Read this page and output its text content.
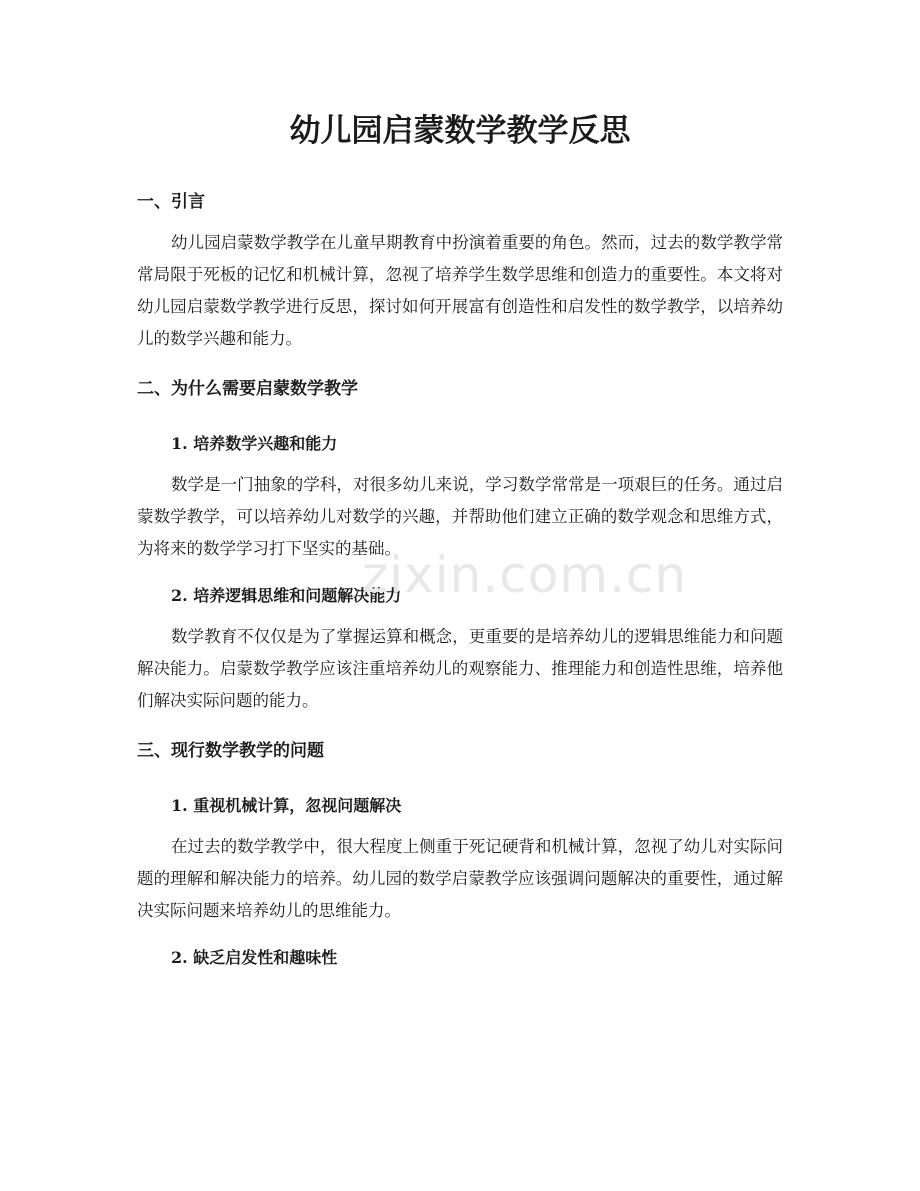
幼儿园启蒙数学教学反思
一、引言

幼儿园启蒙数学教学在儿童早期教育中扮演着重要的角色。然而，过去的数学教学常常局限于死板的记忆和机械计算，忽视了培养学生数学思维和创造力的重要性。本文将对幼儿园启蒙数学教学进行反思，探讨如何开展富有创造性和启发性的数学教学，以培养幼儿的数学兴趣和能力。

二、为什么需要启蒙数学教学
1. 培养数学兴趣和能力

数学是一门抽象的学科，对很多幼儿来说，学习数学常常是一项艰巨的任务。通过启蒙数学教学，可以培养幼儿对数学的兴趣，并帮助他们建立正确的数学观念和思维方式，为将来的数学学习打下坚实的基础。

2. 培养逻辑思维和问题解决能力

数学教育不仅仅是为了掌握运算和概念，更重要的是培养幼儿的逻辑思维能力和问题解决能力。启蒙数学教学应该注重培养幼儿的观察能力、推理能力和创造性思维，培养他们解决实际问题的能力。

三、现行数学教学的问题
1. 重视机械计算，忽视问题解决

在过去的数学教学中，很大程度上侧重于死记硬背和机械计算，忽视了幼儿对实际问题的理解和解决能力的培养。幼儿园的数学启蒙教学应该强调问题解决的重要性，通过解决实际问题来培养幼儿的思维能力。

2. 缺乏启发性和趣味性
zixin.com.cn
